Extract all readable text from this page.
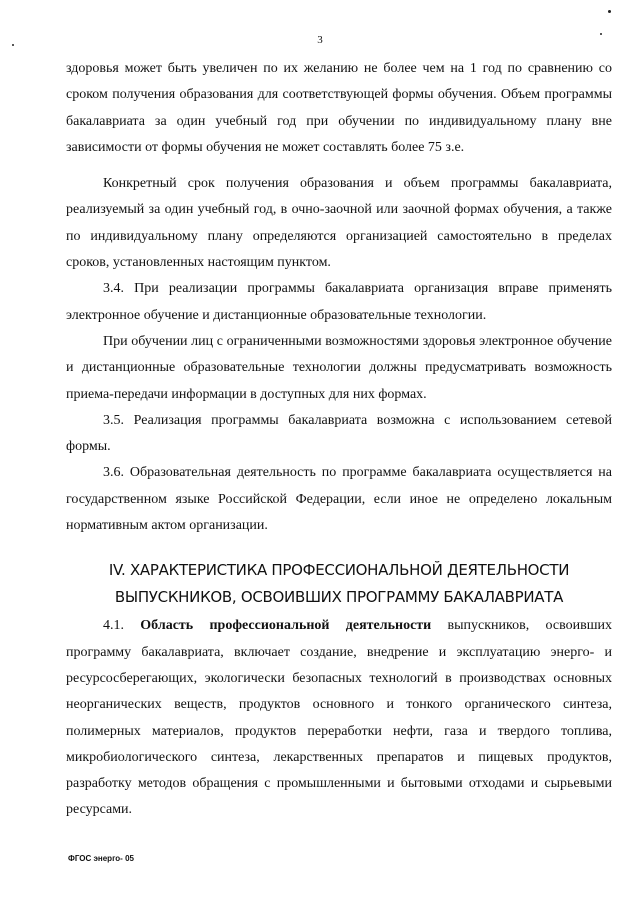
3

здоровья может быть увеличен по их желанию не более чем на 1 год по сравнению со сроком получения образования для соответствующей формы обучения. Объем программы бакалавриата за один учебный год при обучении по индивидуальному плану вне зависимости от формы обучения не может составлять более 75 з.е.

Конкретный срок получения образования и объем программы бакалавриата, реализуемый за один учебный год, в очно-заочной или заочной формах обучения, а также по индивидуальному плану определяются организацией самостоятельно в пределах сроков, установленных настоящим пунктом.

3.4. При реализации программы бакалавриата организация вправе применять электронное обучение и дистанционные образовательные технологии.

При обучении лиц с ограниченными возможностями здоровья электронное обучение и дистанционные образовательные технологии должны предусматривать возможность приема-передачи информации в доступных для них формах.

3.5. Реализация программы бакалавриата возможна с использованием сетевой формы.

3.6. Образовательная деятельность по программе бакалавриата осуществляется на государственном языке Российской Федерации, если иное не определено локальным нормативным актом организации.

IV. ХАРАКТЕРИСТИКА ПРОФЕССИОНАЛЬНОЙ ДЕЯТЕЛЬНОСТИ
ВЫПУСКНИКОВ, ОСВОИВШИХ ПРОГРАММУ БАКАЛАВРИАТА

4.1. Область профессиональной деятельности выпускников, освоивших программу бакалавриата, включает создание, внедрение и эксплуатацию энерго- и ресурсосберегающих, экологически безопасных технологий в производствах основных неорганических веществ, продуктов основного и тонкого органического синтеза, полимерных материалов, продуктов переработки нефти, газа и твердого топлива, микробиологического синтеза, лекарственных препаратов и пищевых продуктов, разработку методов обращения с промышленными и бытовыми отходами и сырьевыми ресурсами.

ФГОС энерго- 05
